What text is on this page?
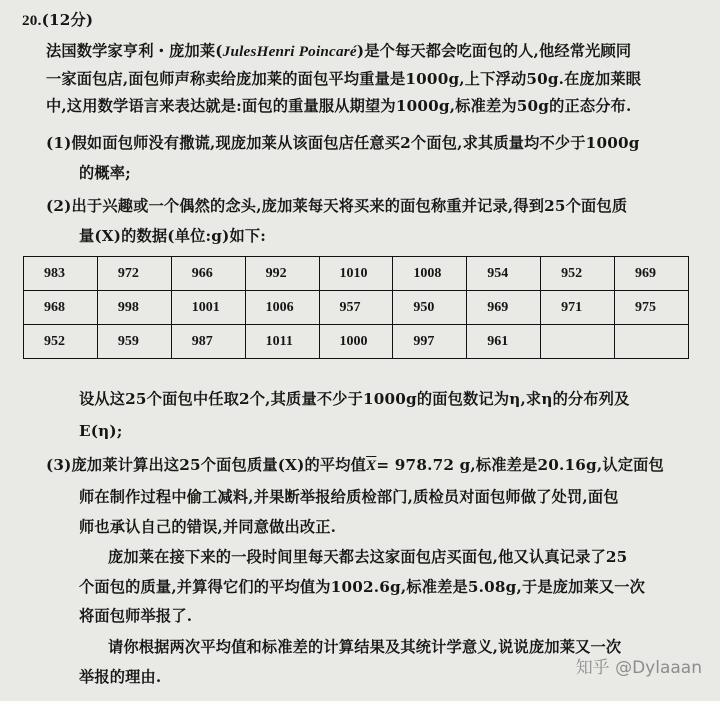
20.(12分)
法国数学家亨利・庞加莱(JulesHenri Poincaré)是个每天都会吃面包的人,他经常光顾同
一家面包店,面包师声称卖给庞加莱的面包平均重量是1000g,上下浮动50g.在庞加莱眼
中,这用数学语言来表达就是:面包的重量服从期望为1000g,标准差为50g的正态分布.
(1)假如面包师没有撒谎,现庞加莱从该面包店任意买2个面包,求其质量均不少于1000g
的概率;
(2)出于兴趣或一个偶然的念头,庞加莱每天将买来的面包称重并记录,得到25个面包质
量(X)的数据(单位:g)如下:
983	972	966	992	1010	1008	954	952	969
968	998	1001	1006	957	950	969	971	975
952	959	987	1011	1000	997	961		
设从这25个面包中任取2个,其质量不少于1000g的面包数记为η,求η的分布列及
E(η);
(3)庞加莱计算出这25个面包质量(X)的平均值$\overline{X}= 978.72$ g,标准差是20.16g,认定面包
师在制作过程中偷工减料,并果断举报给质检部门,质检员对面包师做了处罚,面包
师也承认自己的错误,并同意做出改正.
庞加莱在接下来的一段时间里每天都去这家面包店买面包,他又认真记录了25
个面包的质量,并算得它们的平均值为1002.6g,标准差是5.08g,于是庞加莱又一次
将面包师举报了.
请你根据两次平均值和标准差的计算结果及其统计学意义,说说庞加莱又一次
举报的理由.	知乎 @Dylaaan
